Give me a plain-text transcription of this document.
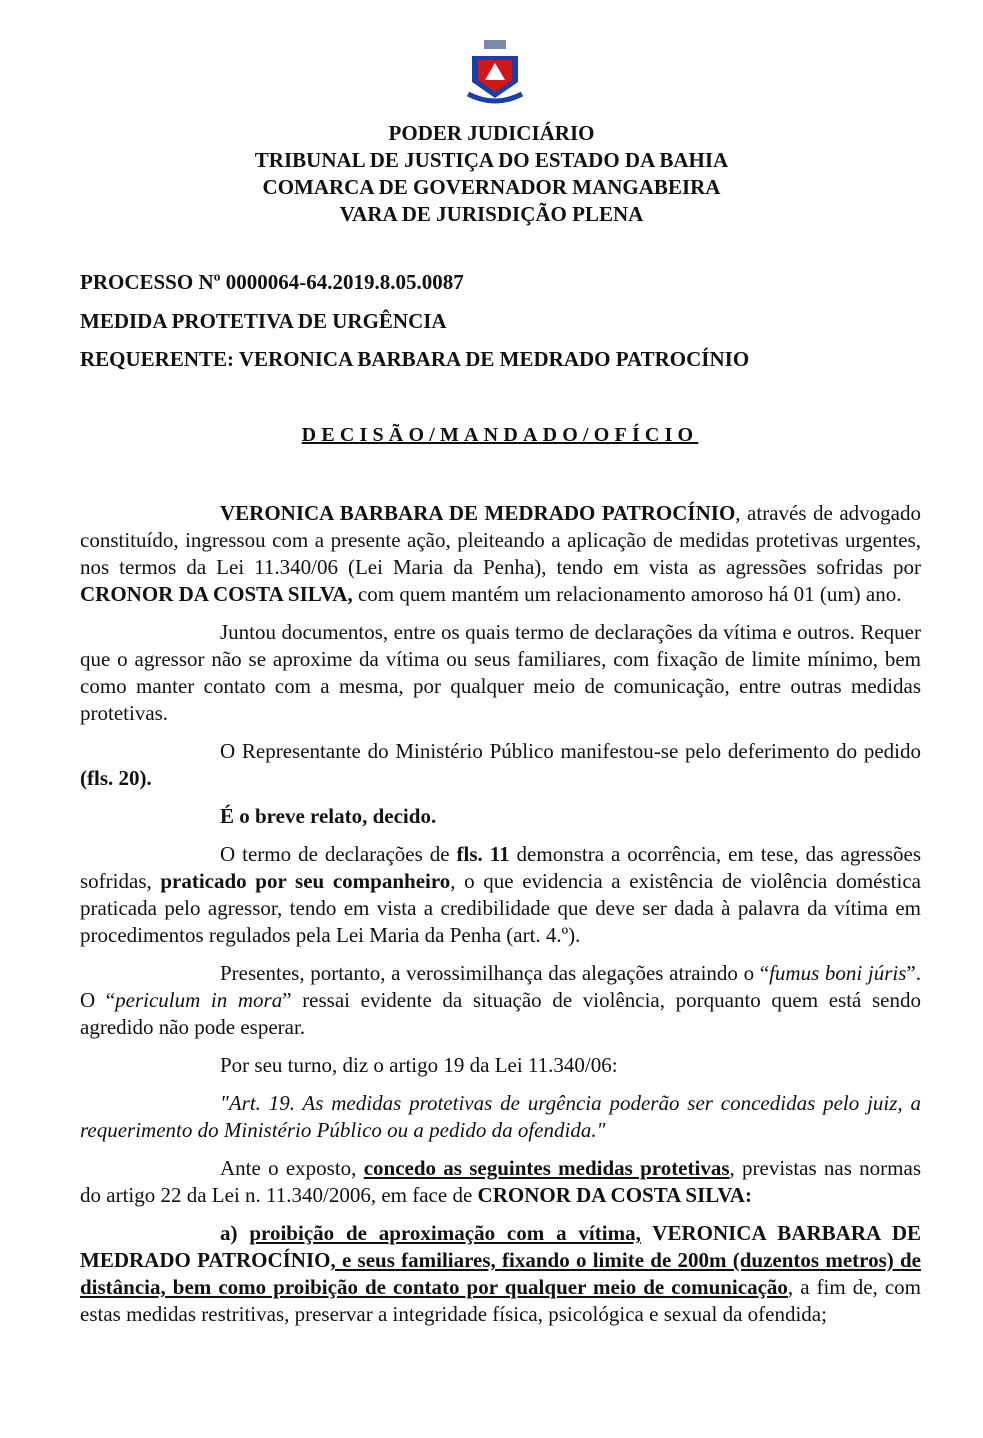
PODER JUDICIÁRIO
TRIBUNAL DE JUSTIÇA DO ESTADO DA BAHIA
COMARCA DE GOVERNADOR MANGABEIRA
VARA DE JURISDIÇÃO PLENA
PROCESSO Nº 0000064-64.2019.8.05.0087
MEDIDA PROTETIVA DE URGÊNCIA
REQUERENTE: VERONICA BARBARA DE MEDRADO PATROCÍNIO
DECISÃO/MANDADO/OFÍCIO

VERONICA BARBARA DE MEDRADO PATROCÍNIO, através de advogado constituído, ingressou com a presente ação, pleiteando a aplicação de medidas protetivas urgentes, nos termos da Lei 11.340/06 (Lei Maria da Penha), tendo em vista as agressões sofridas por CRONOR DA COSTA SILVA, com quem mantém um relacionamento amoroso há 01 (um) ano.

Juntou documentos, entre os quais termo de declarações da vítima e outros. Requer que o agressor não se aproxime da vítima ou seus familiares, com fixação de limite mínimo, bem como manter contato com a mesma, por qualquer meio de comunicação, entre outras medidas protetivas.

O Representante do Ministério Público manifestou-se pelo deferimento do pedido (fls. 20).

É o breve relato, decido.

O termo de declarações de fls. 11 demonstra a ocorrência, em tese, das agressões sofridas, praticado por seu companheiro, o que evidencia a existência de violência doméstica praticada pelo agressor, tendo em vista a credibilidade que deve ser dada à palavra da vítima em procedimentos regulados pela Lei Maria da Penha (art. 4.º).

Presentes, portanto, a verossimilhança das alegações atraindo o “fumus boni júris”. O “periculum in mora” ressai evidente da situação de violência, porquanto quem está sendo agredido não pode esperar.

Por seu turno, diz o artigo 19 da Lei 11.340/06:

"Art. 19. As medidas protetivas de urgência poderão ser concedidas pelo juiz, a requerimento do Ministério Público ou a pedido da ofendida."

Ante o exposto, concedo as seguintes medidas protetivas, previstas nas normas do artigo 22 da Lei n. 11.340/2006, em face de CRONOR DA COSTA SILVA:

a) proibição de aproximação com a vítima, VERONICA BARBARA DE MEDRADO PATROCÍNIO, e seus familiares, fixando o limite de 200m (duzentos metros) de distância, bem como proibição de contato por qualquer meio de comunicação, a fim de, com estas medidas restritivas, preservar a integridade física, psicológica e sexual da ofendida;
